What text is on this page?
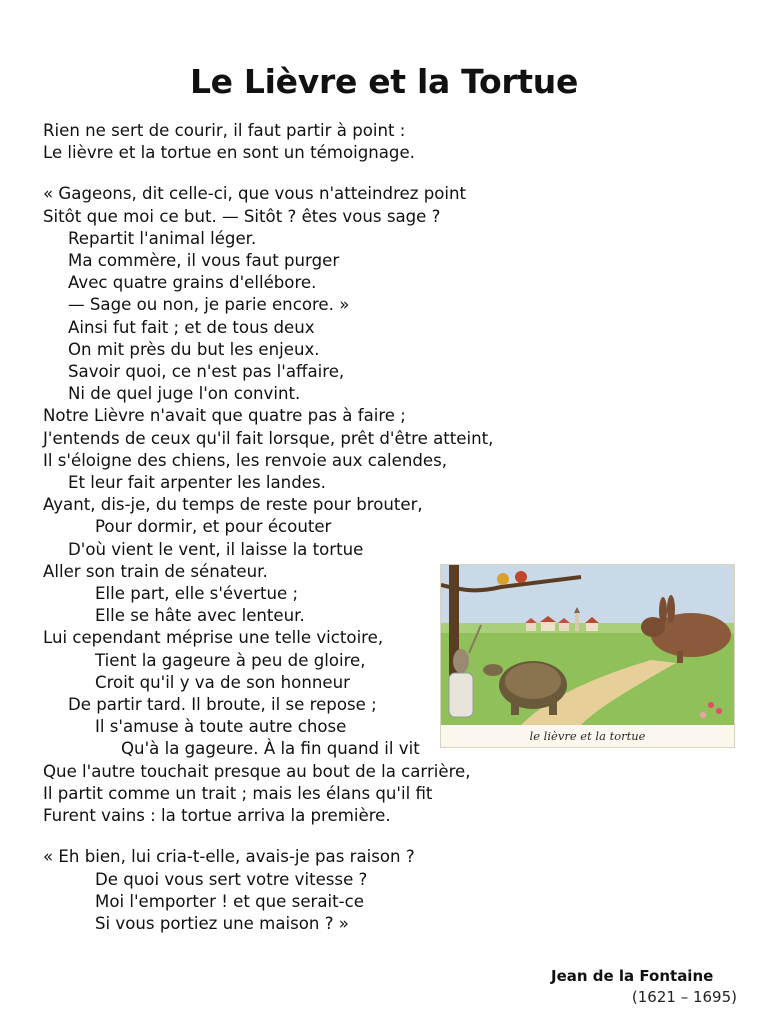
Le Lièvre et la Tortue
Rien ne sert de courir, il faut partir à point :
Le lièvre et la tortue en sont un témoignage.
« Gageons, dit celle-ci, que vous n'atteindrez point
Sitôt que moi ce but. — Sitôt ? êtes vous sage ?
Repartit l'animal léger.
Ma commère, il vous faut purger
Avec quatre grains d'ellébore.
— Sage ou non, je parie encore. »
Ainsi fut fait ; et de tous deux
On mit près du but les enjeux.
Savoir quoi, ce n'est pas l'affaire,
Ni de quel juge l'on convint.
Notre Lièvre n'avait que quatre pas à faire ;
J'entends de ceux qu'il fait lorsque, prêt d'être atteint,
Il s'éloigne des chiens, les renvoie aux calendes,
Et leur fait arpenter les landes.
Ayant, dis-je, du temps de reste pour brouter,
Pour dormir, et pour écouter
D'où vient le vent, il laisse la tortue
Aller son train de sénateur.
Elle part, elle s'évertue ;
Elle se hâte avec lenteur.
Lui cependant méprise une telle victoire,
Tient la gageure à peu de gloire,
Croit qu'il y va de son honneur
De partir tard. Il broute, il se repose ;
Il s'amuse à toute autre chose
Qu'à la gageure. À la fin quand il vit
Que l'autre touchait presque au bout de la carrière,
Il partit comme un trait ; mais les élans qu'il fit
Furent vains : la tortue arriva la première.
« Eh bien, lui cria-t-elle, avais-je pas raison ?
De quoi vous sert votre vitesse ?
Moi l'emporter ! et que serait-ce
Si vous portiez une maison ? »
le lièvre et la tortue
Jean de la Fontaine
(1621 – 1695)
